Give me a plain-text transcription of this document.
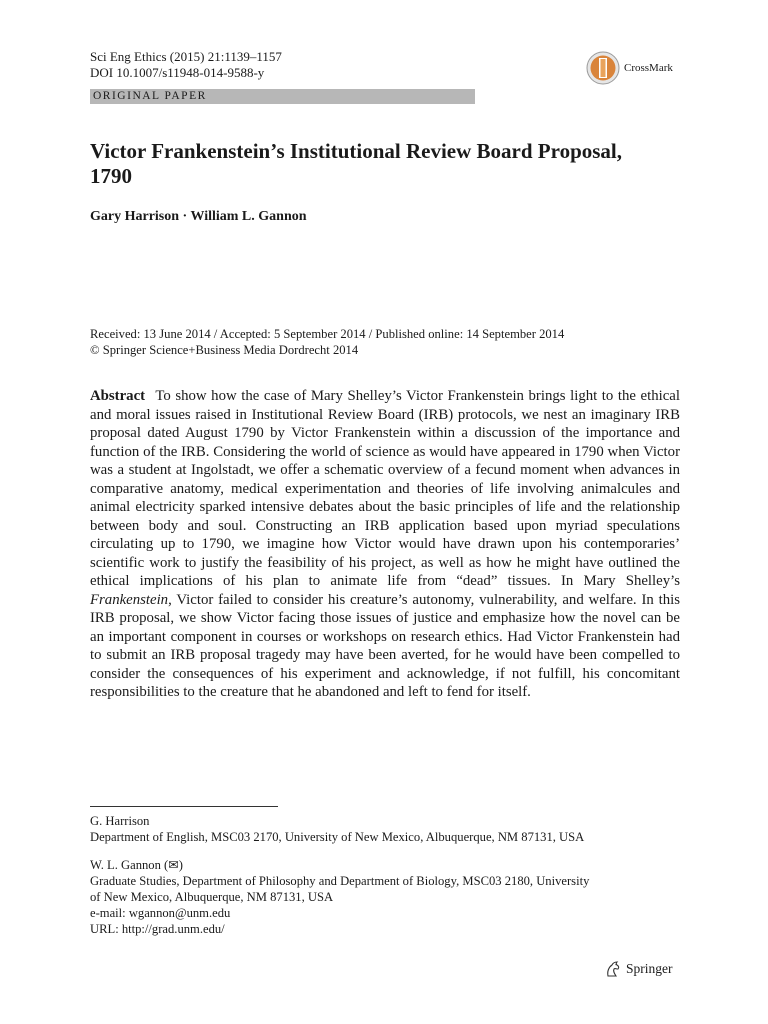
Sci Eng Ethics (2015) 21:1139–1157
DOI 10.1007/s11948-014-9588-y	CrossMark
ORIGINAL PAPER
Victor Frankenstein’s Institutional Review Board Proposal, 1790
Gary Harrison · William L. Gannon
Received: 13 June 2014 / Accepted: 5 September 2014 / Published online: 14 September 2014
© Springer Science+Business Media Dordrecht 2014

Abstract To show how the case of Mary Shelley’s Victor Frankenstein brings light to the ethical and moral issues raised in Institutional Review Board (IRB) protocols, we nest an imaginary IRB proposal dated August 1790 by Victor Frankenstein within a discussion of the importance and function of the IRB. Considering the world of science as would have appeared in 1790 when Victor was a student at Ingolstadt, we offer a schematic overview of a fecund moment when advances in comparative anatomy, medical experimentation and theories of life involving animalcules and animal electricity sparked intensive debates about the basic principles of life and the relationship between body and soul. Constructing an IRB application based upon myriad speculations circulating up to 1790, we imagine how Victor would have drawn upon his contemporaries’ scientific work to justify the feasibility of his project, as well as how he might have outlined the ethical implications of his plan to animate life from “dead” tissues. In Mary Shelley’s Frankenstein, Victor failed to consider his creature’s autonomy, vulnerability, and welfare. In this IRB proposal, we show Victor facing those issues of justice and emphasize how the novel can be an important component in courses or workshops on research ethics. Had Victor Frankenstein had to submit an IRB proposal tragedy may have been averted, for he would have been compelled to consider the consequences of his experiment and acknowledge, if not fulfill, his concomitant responsibilities to the creature that he abandoned and left to fend for itself.

G. Harrison
Department of English, MSC03 2170, University of New Mexico, Albuquerque, NM 87131, USA
W. L. Gannon (✉)
Graduate Studies, Department of Philosophy and Department of Biology, MSC03 2180, University
of New Mexico, Albuquerque, NM 87131, USA
e-mail: wgannon@unm.edu
URL: http://grad.unm.edu/
Springer
